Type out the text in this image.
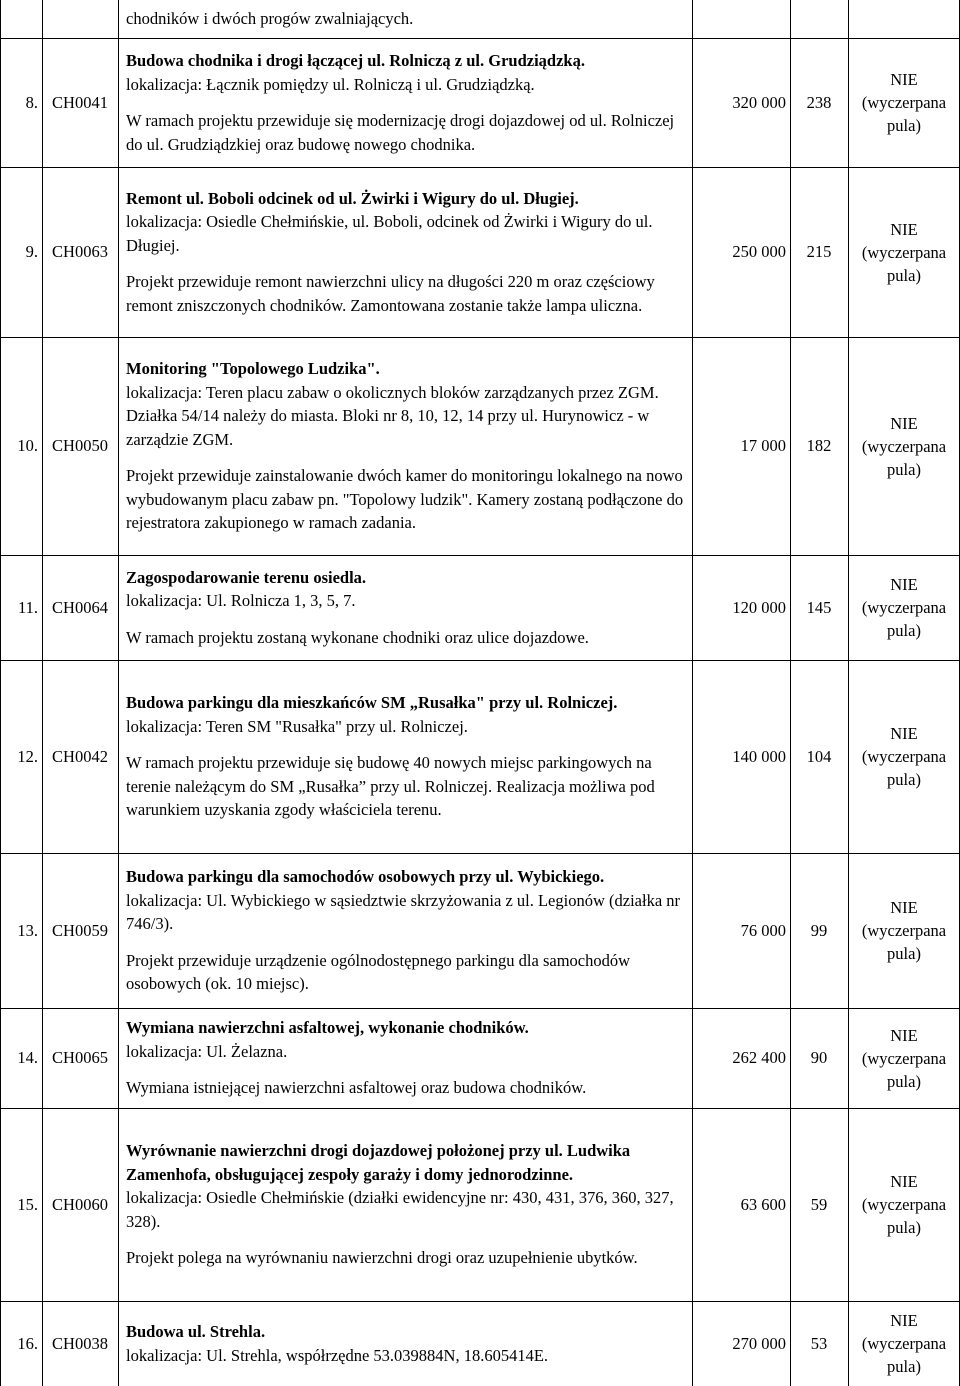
chodników i dwóch progów zwalniających.
8. CH0041
Budowa chodnika i drogi łączącej ul. Rolniczą z ul. Grudziądzką.
lokalizacja: Łącznik pomiędzy ul. Rolniczą i ul. Grudziądzką.
W ramach projektu przewiduje się modernizację drogi dojazdowej od ul. Rolniczej do ul. Grudziądzkiej oraz budowę nowego chodnika.
320 000	238
NIE
(wyczerpana
pula)
9. CH0063
Remont ul. Boboli odcinek od ul. Żwirki i Wigury do ul. Długiej.
lokalizacja: Osiedle Chełmińskie, ul. Boboli, odcinek od Żwirki i Wigury do ul. Długiej.
Projekt przewiduje remont nawierzchni ulicy na długości 220 m oraz częściowy remont zniszczonych chodników. Zamontowana zostanie także lampa uliczna.
250 000	215
NIE
(wyczerpana
pula)
10. CH0050
Monitoring "Topolowego Ludzika".
lokalizacja: Teren placu zabaw o okolicznych bloków zarządzanych przez ZGM. Działka 54/14 należy do miasta. Bloki nr 8, 10, 12, 14 przy ul. Hurynowicz - w zarządzie ZGM.
Projekt przewiduje zainstalowanie dwóch kamer do monitoringu lokalnego na nowo wybudowanym placu zabaw pn. "Topolowy ludzik". Kamery zostaną podłączone do rejestratora zakupionego w ramach zadania.
17 000	182
NIE
(wyczerpana
pula)
11. CH0064
Zagospodarowanie terenu osiedla.
lokalizacja: Ul. Rolnicza 1, 3, 5, 7.
W ramach projektu zostaną wykonane chodniki oraz ulice dojazdowe.
120 000	145
NIE
(wyczerpana
pula)
12. CH0042
Budowa parkingu dla mieszkańców SM „Rusałka" przy ul. Rolniczej.
lokalizacja: Teren SM "Rusałka" przy ul. Rolniczej.
W ramach projektu przewiduje się budowę 40 nowych miejsc parkingowych na terenie należącym do SM „Rusałka” przy ul. Rolniczej. Realizacja możliwa pod warunkiem uzyskania zgody właściciela terenu.
140 000	104
NIE
(wyczerpana
pula)
13. CH0059
Budowa parkingu dla samochodów osobowych przy ul. Wybickiego.
lokalizacja: Ul. Wybickiego w sąsiedztwie skrzyżowania z ul. Legionów (działka nr 746/3).
Projekt przewiduje urządzenie ogólnodostępnego parkingu dla samochodów osobowych (ok. 10 miejsc).
76 000	99
NIE
(wyczerpana
pula)
14. CH0065
Wymiana nawierzchni asfaltowej, wykonanie chodników.
lokalizacja: Ul. Żelazna.
Wymiana istniejącej nawierzchni asfaltowej oraz budowa chodników.
262 400	90
NIE
(wyczerpana
pula)
15. CH0060
Wyrównanie nawierzchni drogi dojazdowej położonej przy ul. Ludwika Zamenhofa, obsługującej zespoły garaży i domy jednorodzinne.
lokalizacja: Osiedle Chełmińskie (działki ewidencyjne nr: 430, 431, 376, 360, 327, 328).
Projekt polega na wyrównaniu nawierzchni drogi oraz uzupełnienie ubytków.
63 600	59
NIE
(wyczerpana
pula)
16. CH0038
Budowa ul. Strehla.
lokalizacja: Ul. Strehla, współrzędne 53.039884N, 18.605414E.
270 000	53
NIE
(wyczerpana
pula)
